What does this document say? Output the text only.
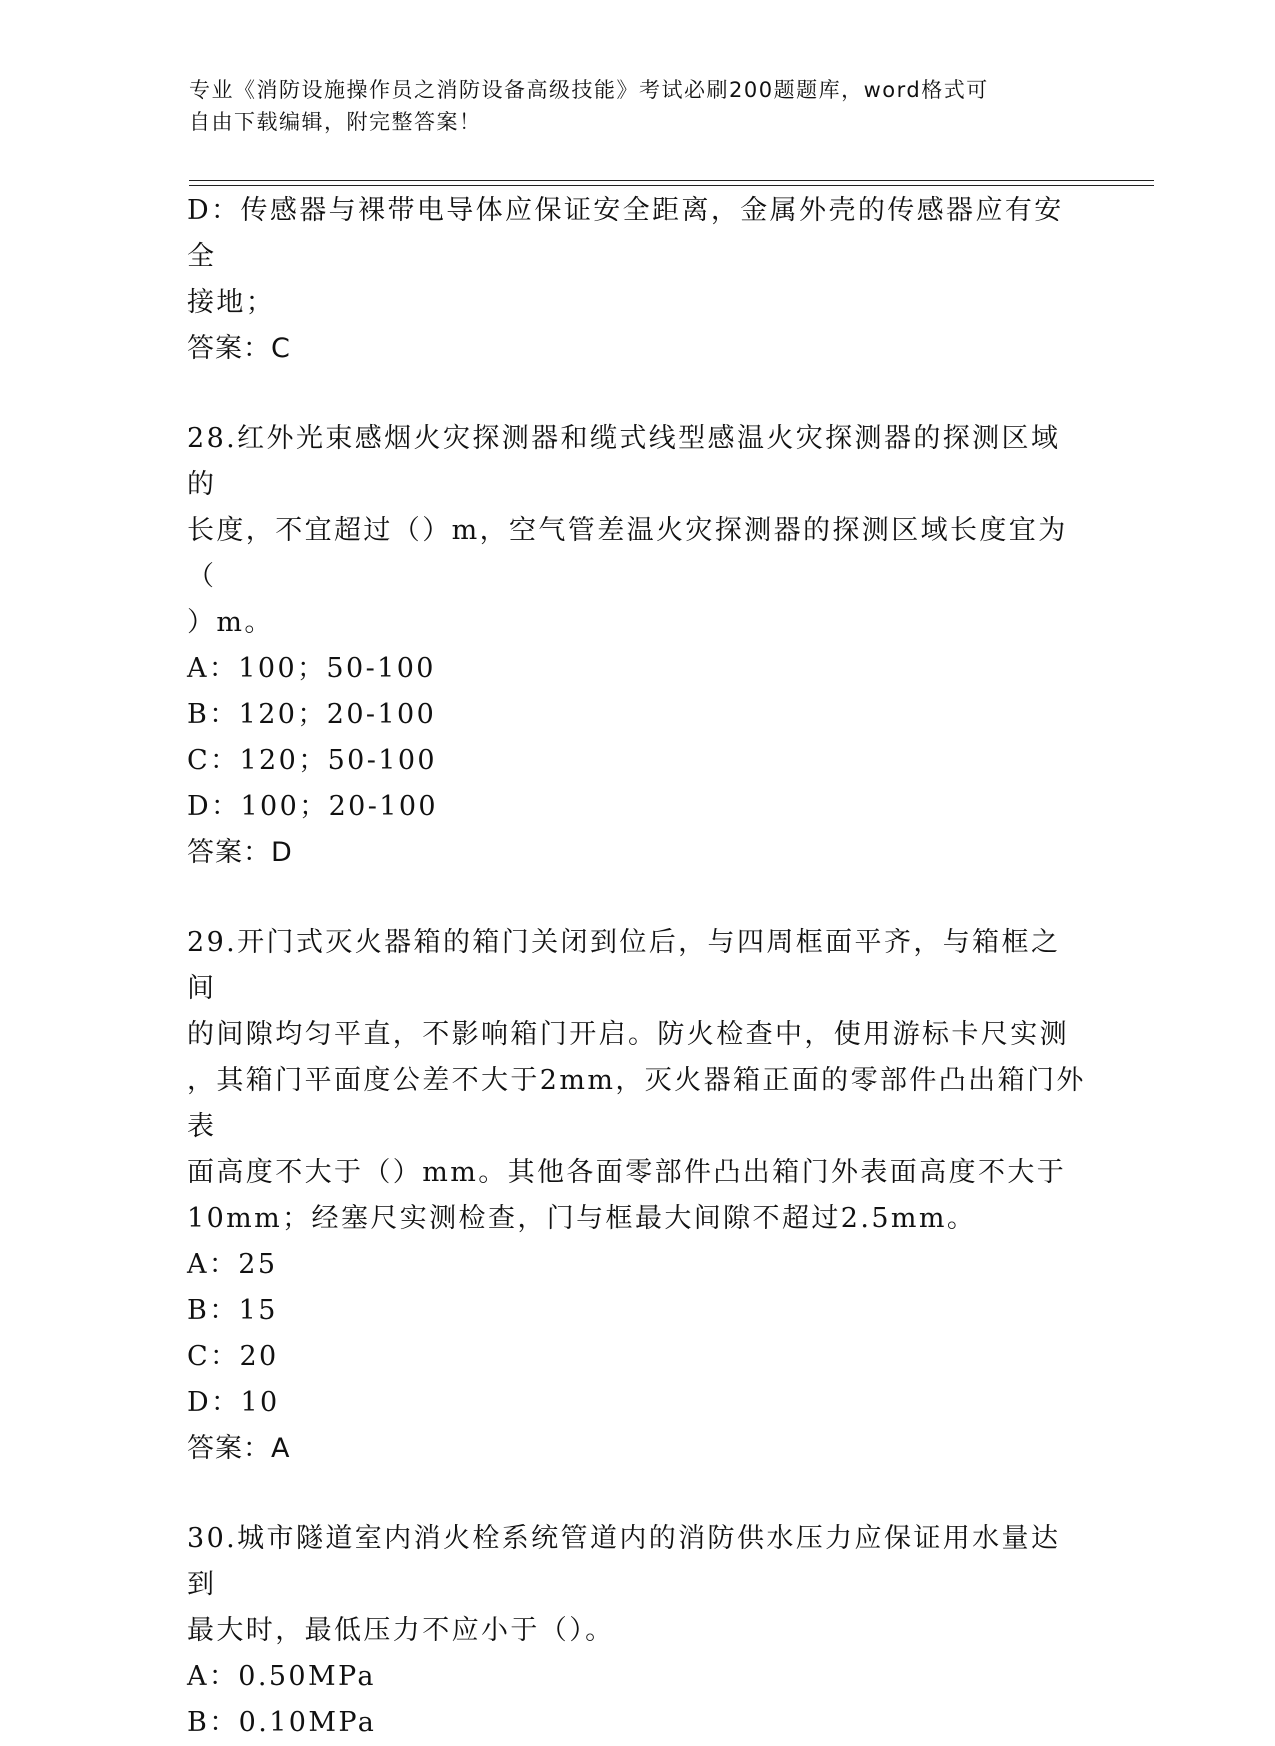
专业《消防设施操作员之消防设备高级技能》考试必刷200题题库，word格式可
自由下载编辑，附完整答案！

D：传感器与裸带电导体应保证安全距离，金属外壳的传感器应有安全

接地；

答案：C

28.红外光束感烟火灾探测器和缆式线型感温火灾探测器的探测区域的

长度，不宜超过（）m，空气管差温火灾探测器的探测区域长度宜为（

）m。

A：100；50-100

B：120；20-100

C：120；50-100

D：100；20-100

答案：D

29.开门式灭火器箱的箱门关闭到位后，与四周框面平齐，与箱框之间

的间隙均匀平直，不影响箱门开启。防火检查中，使用游标卡尺实测

，其箱门平面度公差不大于2mm，灭火器箱正面的零部件凸出箱门外表

面高度不大于（）mm。其他各面零部件凸出箱门外表面高度不大于

10mm；经塞尺实测检查，门与框最大间隙不超过2.5mm。

A：25

B：15

C：20

D：10

答案：A

30.城市隧道室内消火栓系统管道内的消防供水压力应保证用水量达到

最大时，最低压力不应小于（）。

A：0.50MPa

B：0.10MPa
